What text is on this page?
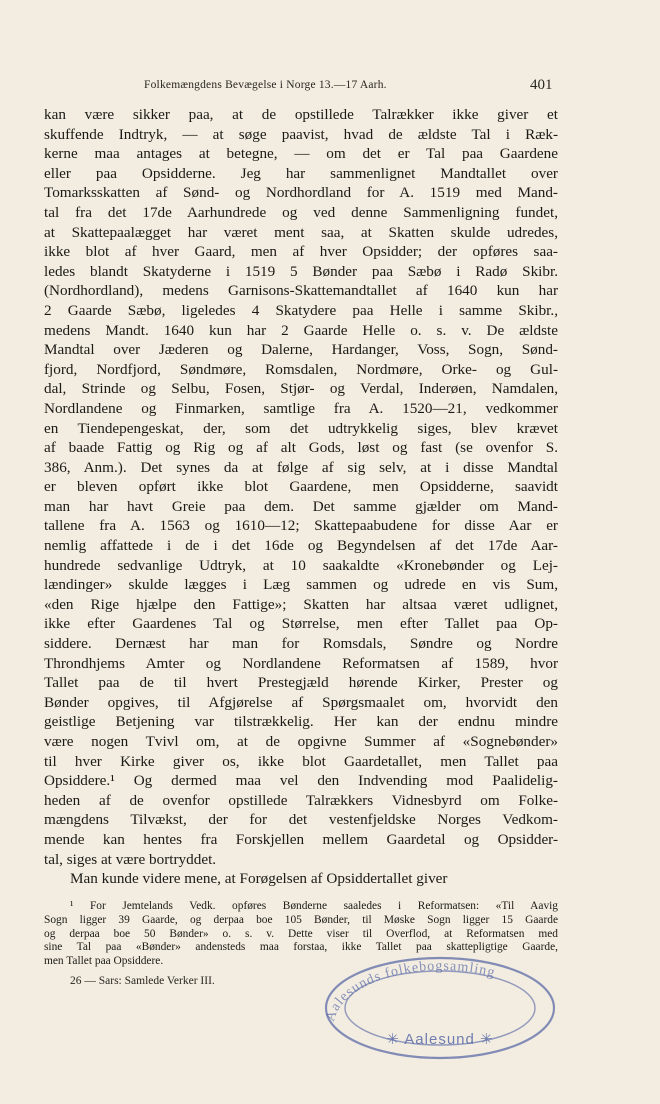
Folkemængdens Bevægelse i Norge 13.—17 Aarh.	401
kan være sikker paa, at de opstillede Talrækker ikke giver et
skuffende Indtryk, — at søge paavist, hvad de ældste Tal i Ræk-
kerne maa antages at betegne, — om det er Tal paa Gaardene
eller paa Opsidderne. Jeg har sammenlignet Mandtallet over
Tomarksskatten af Sønd- og Nordhordland for A. 1519 med Mand-
tal fra det 17de Aarhundrede og ved denne Sammenligning fundet,
at Skattepaalægget har været ment saa, at Skatten skulde udredes,
ikke blot af hver Gaard, men af hver Opsidder; der opføres saa-
ledes blandt Skatyderne i 1519 5 Bønder paa Sæbø i Radø Skibr.
(Nordhordland), medens Garnisons-Skattemandtallet af 1640 kun har
2 Gaarde Sæbø, ligeledes 4 Skatydere paa Helle i samme Skibr.,
medens Mandt. 1640 kun har 2 Gaarde Helle o. s. v. De ældste
Mandtal over Jæderen og Dalerne, Hardanger, Voss, Sogn, Sønd-
fjord, Nordfjord, Søndmøre, Romsdalen, Nordmøre, Orke- og Gul-
dal, Strinde og Selbu, Fosen, Stjør- og Verdal, Inderøen, Namdalen,
Nordlandene og Finmarken, samtlige fra A. 1520—21, vedkommer
en Tiendepengeskat, der, som det udtrykkelig siges, blev krævet
af baade Fattig og Rig og af alt Gods, løst og fast (se ovenfor S.
386, Anm.). Det synes da at følge af sig selv, at i disse Mandtal
er bleven opført ikke blot Gaardene, men Opsidderne, saavidt
man har havt Greie paa dem. Det samme gjælder om Mand-
tallene fra A. 1563 og 1610—12; Skattepaabudene for disse Aar er
nemlig affattede i de i det 16de og Begyndelsen af det 17de Aar-
hundrede sedvanlige Udtryk, at 10 saakaldte «Kronebønder og Lej-
lændinger» skulde lægges i Læg sammen og udrede en vis Sum,
«den Rige hjælpe den Fattige»; Skatten har altsaa været udlignet,
ikke efter Gaardenes Tal og Størrelse, men efter Tallet paa Op-
siddere. Dernæst har man for Romsdals, Søndre og Nordre
Throndhjems Amter og Nordlandene Reformatsen af 1589, hvor
Tallet paa de til hvert Prestegjæld hørende Kirker, Prester og
Bønder opgives, til Afgjørelse af Spørgsmaalet om, hvorvidt den
geistlige Betjening var tilstrækkelig. Her kan der endnu mindre
være nogen Tvivl om, at de opgivne Summer af «Sognebønder»
til hver Kirke giver os, ikke blot Gaardetallet, men Tallet paa
Opsiddere.¹ Og dermed maa vel den Indvending mod Paalidelig-
heden af de ovenfor opstillede Talrækkers Vidnesbyrd om Folke-
mængdens Tilvækst, der for det vestenfjeldske Norges Vedkom-
mende kan hentes fra Forskjellen mellem Gaardetal og Opsidder-
tal, siges at være bortryddet.
Man kunde videre mene, at Forøgelsen af Opsiddertallet giver
¹ For Jemtelands Vedk. opføres Bønderne saaledes i Reformatsen: «Til Aavig
Sogn ligger 39 Gaarde, og derpaa boe 105 Bønder, til Møske Sogn ligger 15 Gaarde
og derpaa boe 50 Bønder» o. s. v. Dette viser til Overflod, at Reformatsen med
sine Tal paa «Bønder» andensteds maa forstaa, ikke Tallet paa skattepligtige Gaarde,
men Tallet paa Opsiddere.
26 — Sars: Samlede Verker III.
Aalesunds folkebogsamling
✳ Aalesund ✳
